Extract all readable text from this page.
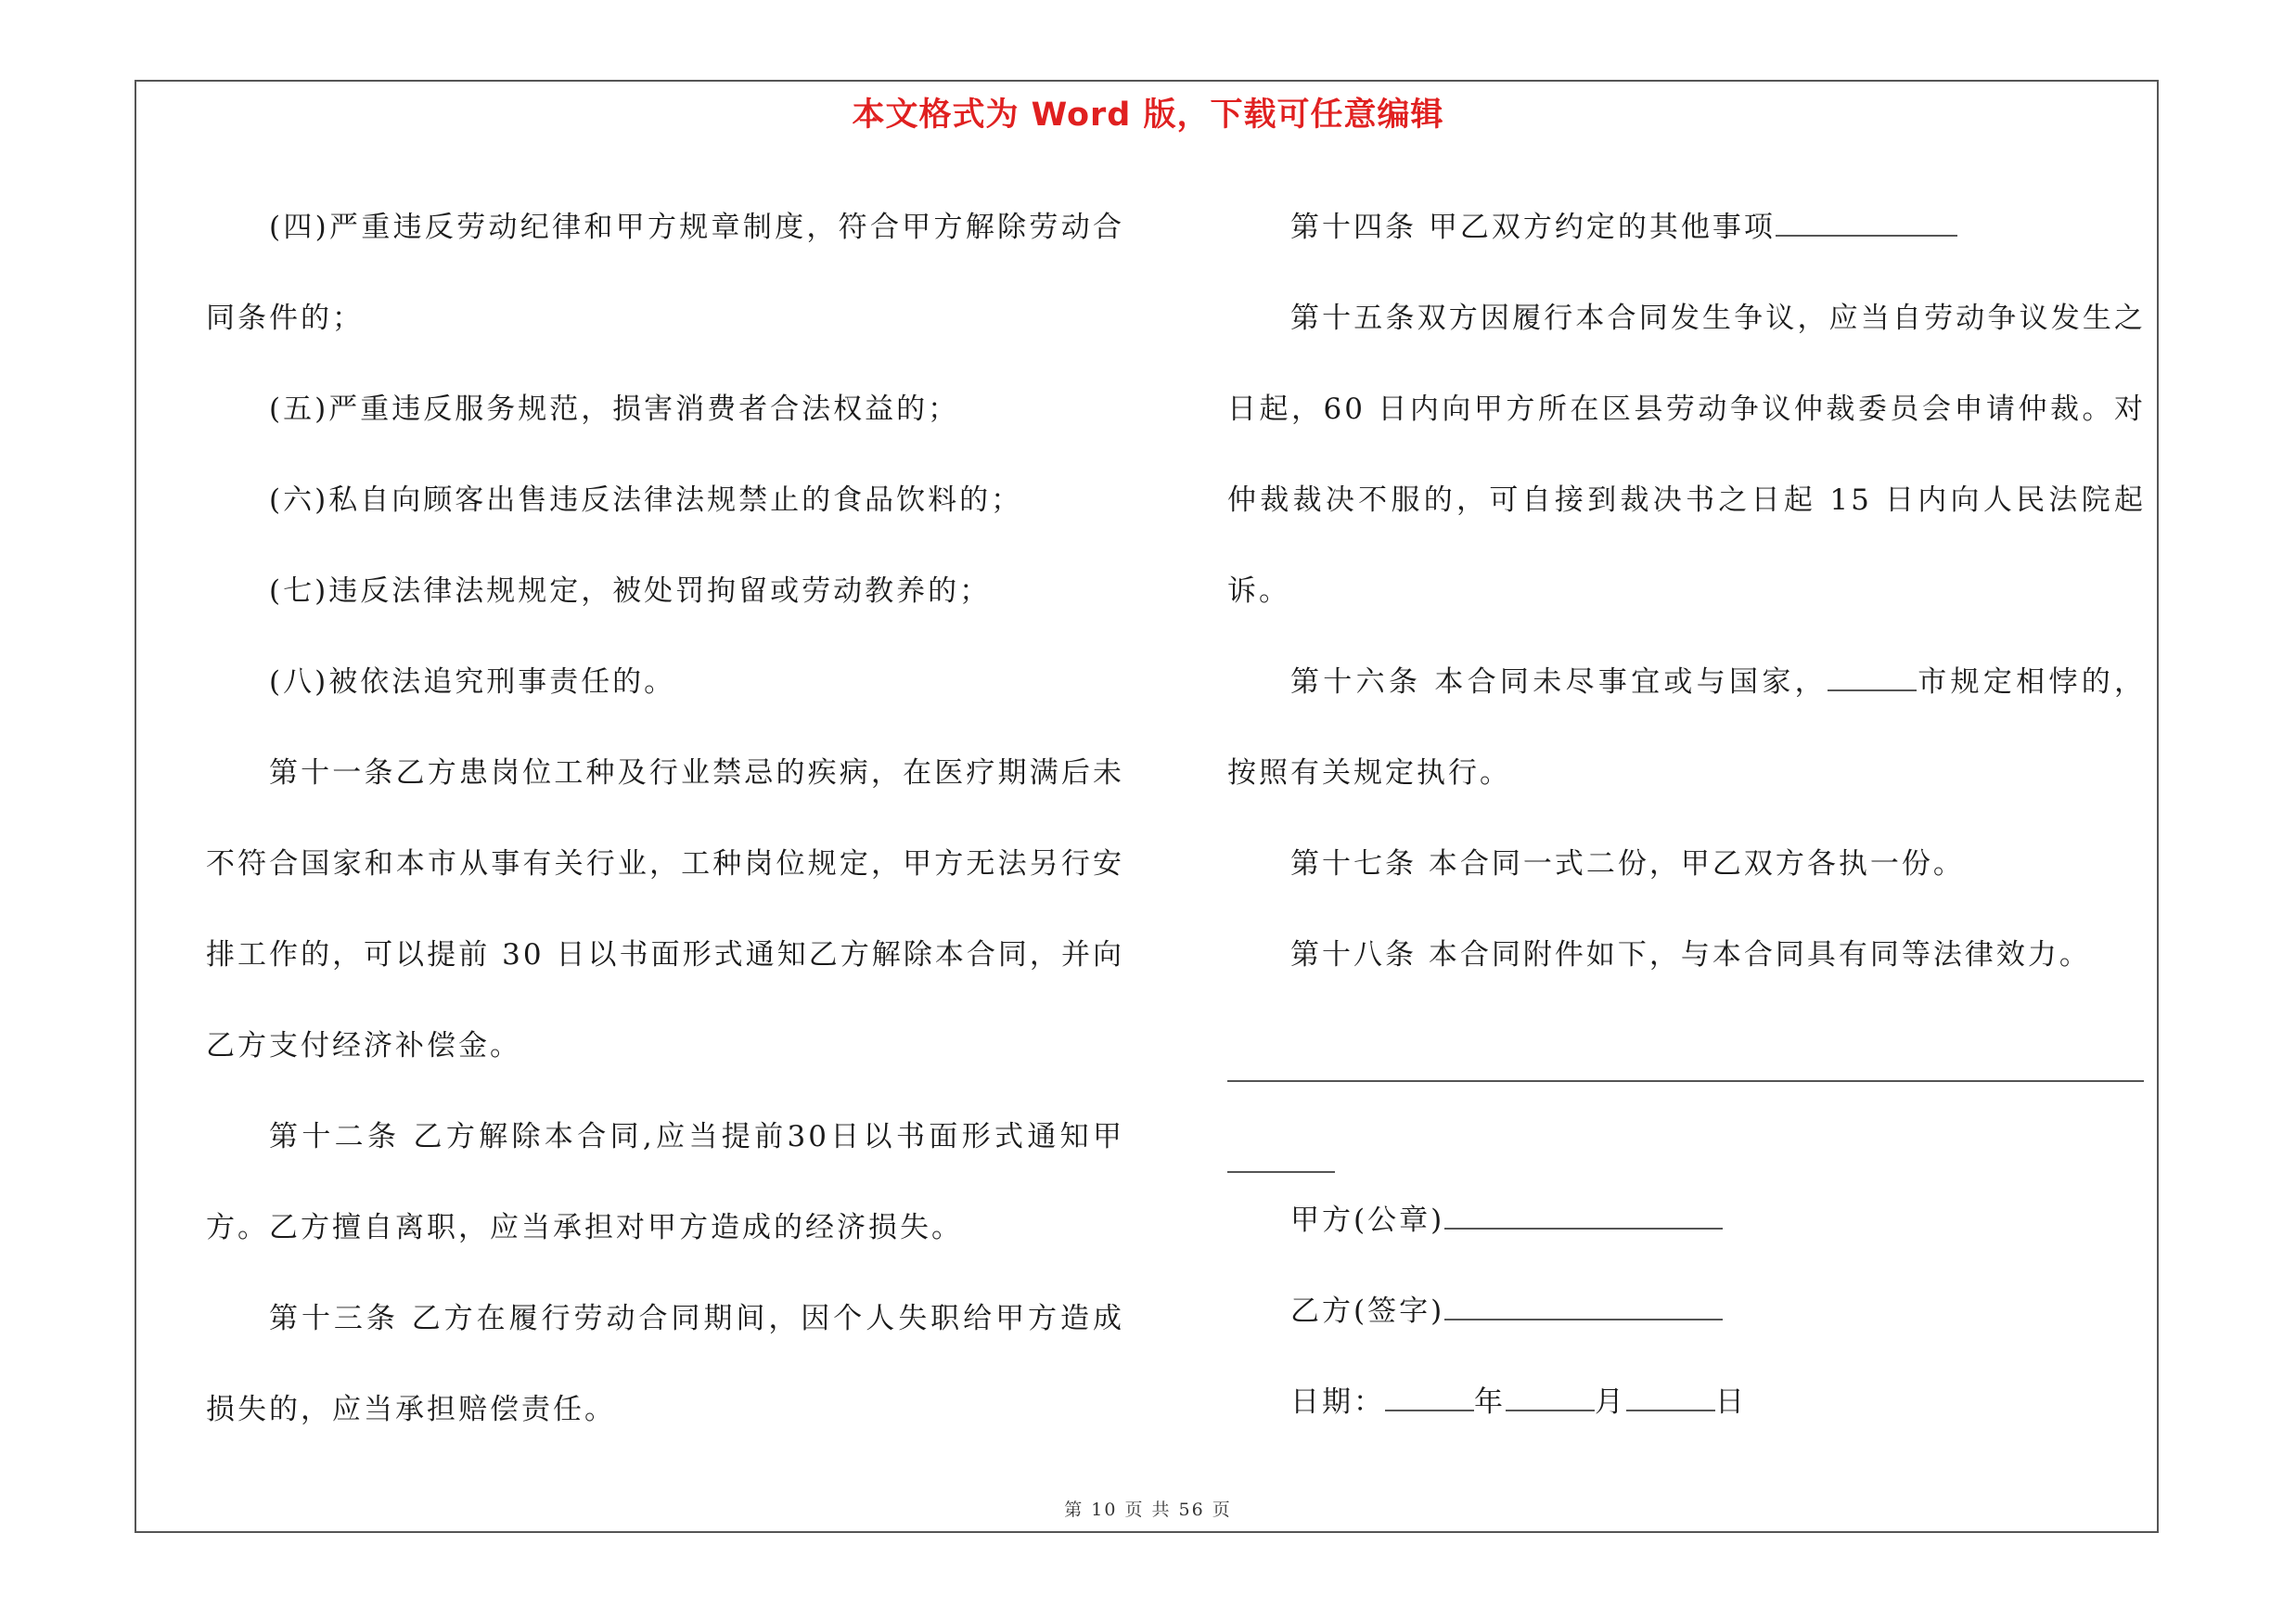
本文格式为 Word 版，下载可任意编辑

(四)严重违反劳动纪律和甲方规章制度，符合甲方解除劳动合同条件的；

(五)严重违反服务规范，损害消费者合法权益的；

(六)私自向顾客出售违反法律法规禁止的食品饮料的；

(七)违反法律法规规定，被处罚拘留或劳动教养的；

(八)被依法追究刑事责任的。

第十一条乙方患岗位工种及行业禁忌的疾病，在医疗期满后未不符合国家和本市从事有关行业，工种岗位规定，甲方无法另行安排工作的，可以提前 30 日以书面形式通知乙方解除本合同，并向乙方支付经济补偿金。

第十二条 乙方解除本合同,应当提前30日以书面形式通知甲方。乙方擅自离职，应当承担对甲方造成的经济损失。

第十三条 乙方在履行劳动合同期间，因个人失职给甲方造成损失的，应当承担赔偿责任。

第十四条 甲乙双方约定的其他事项

第十五条双方因履行本合同发生争议，应当自劳动争议发生之日起，60 日内向甲方所在区县劳动争议仲裁委员会申请仲裁。对仲裁裁决不服的，可自接到裁决书之日起 15 日内向人民法院起诉。

第十六条 本合同未尽事宜或与国家，	市规定相悖的，按照有关规定执行。

第十七条 本合同一式二份，甲乙双方各执一份。

第十八条 本合同附件如下，与本合同具有同等法律效力。

甲方(公章)

乙方(签字)

日期：	年	月	日

第 10 页 共 56 页
